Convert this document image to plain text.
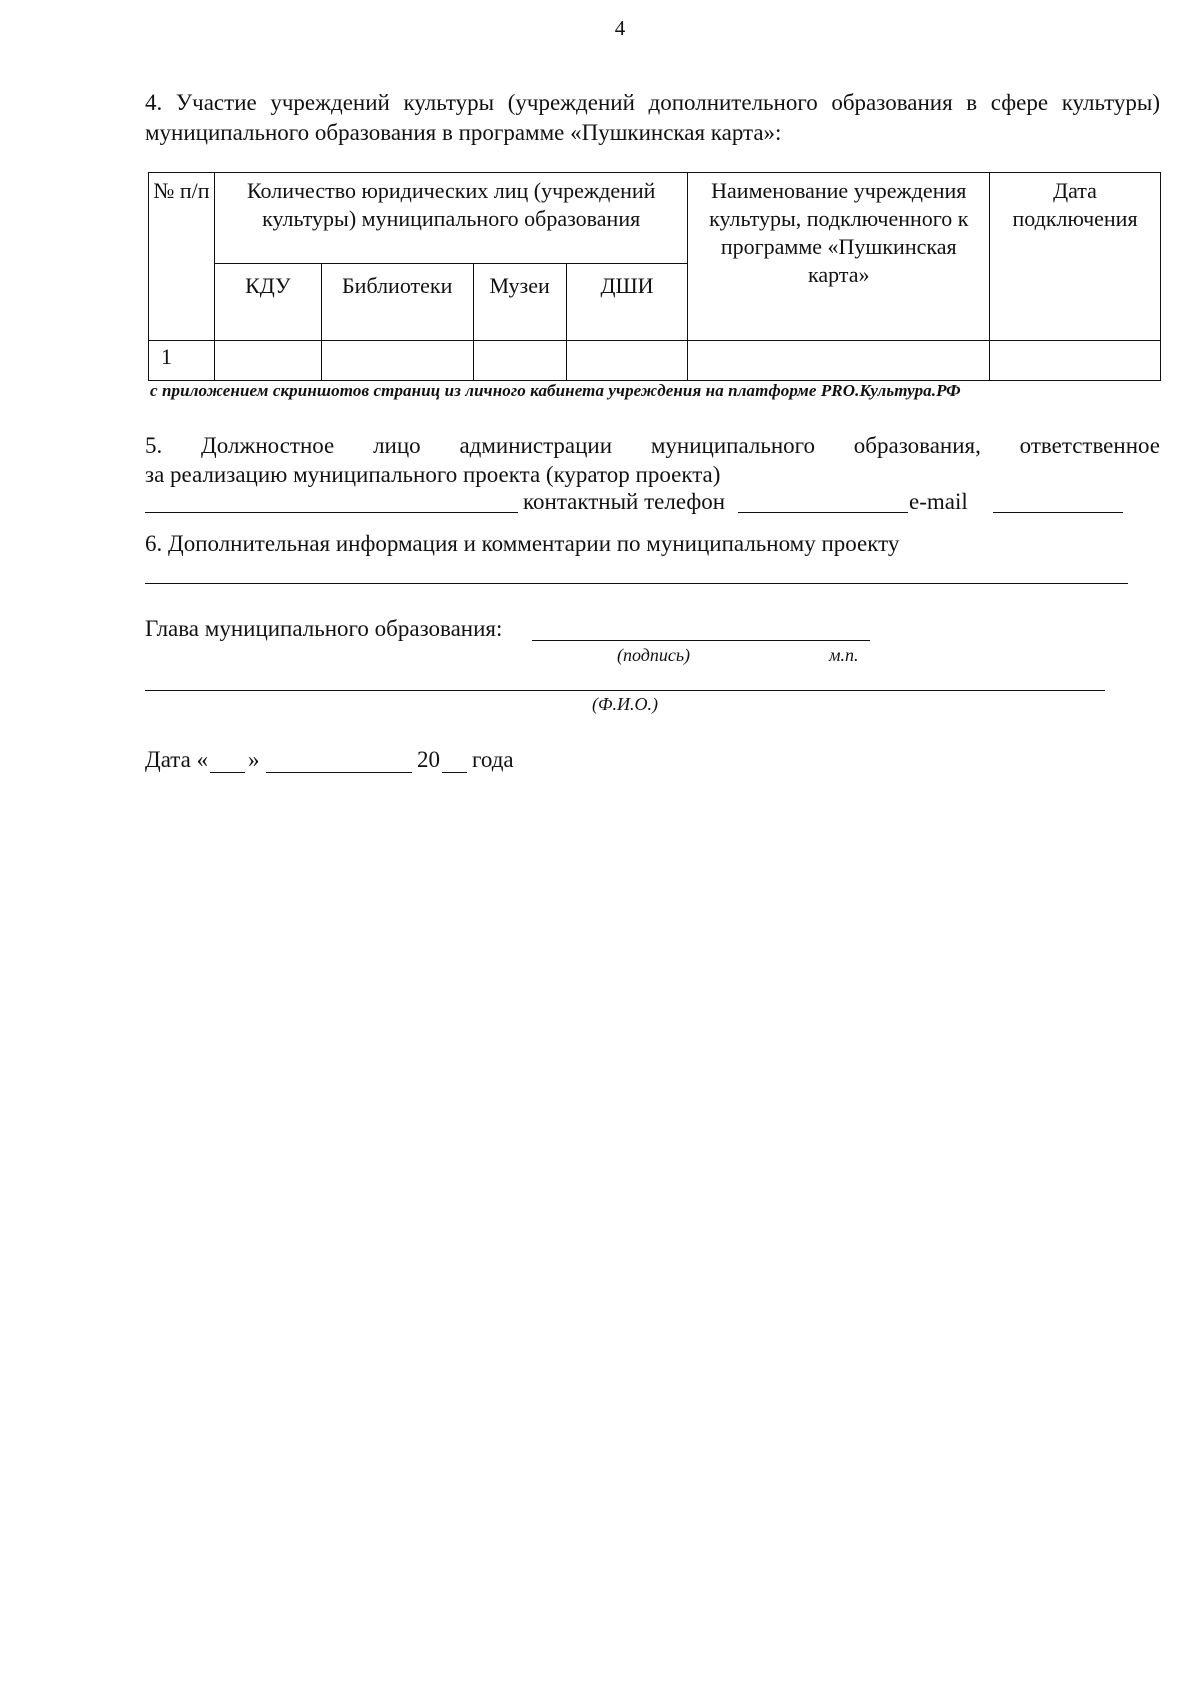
4
4. Участие учреждений культуры (учреждений дополнительного образования в сфере культуры) муниципального образования в программе «Пушкинская карта»:
№ п/п	Количество юридических лиц (учреждений культуры) муниципального образования				Наименование учреждения культуры, подключенного к программе «Пушкинская карта»	Дата подключения
	КДУ	Библиотеки	Музеи	ДШИ		
1						
с приложением скриншотов страниц из личного кабинета учреждения на платформе PRO.Культура.РФ
5. Должностное лицо администрации муниципального образования, ответственное
за реализацию муниципального проекта (куратор проекта)
контактный телефон	e-mail
6. Дополнительная информация и комментарии по муниципальному проекту
Глава муниципального образования:
(подпись)	м.п.
(Ф.И.О.)
Дата « »	20 года
